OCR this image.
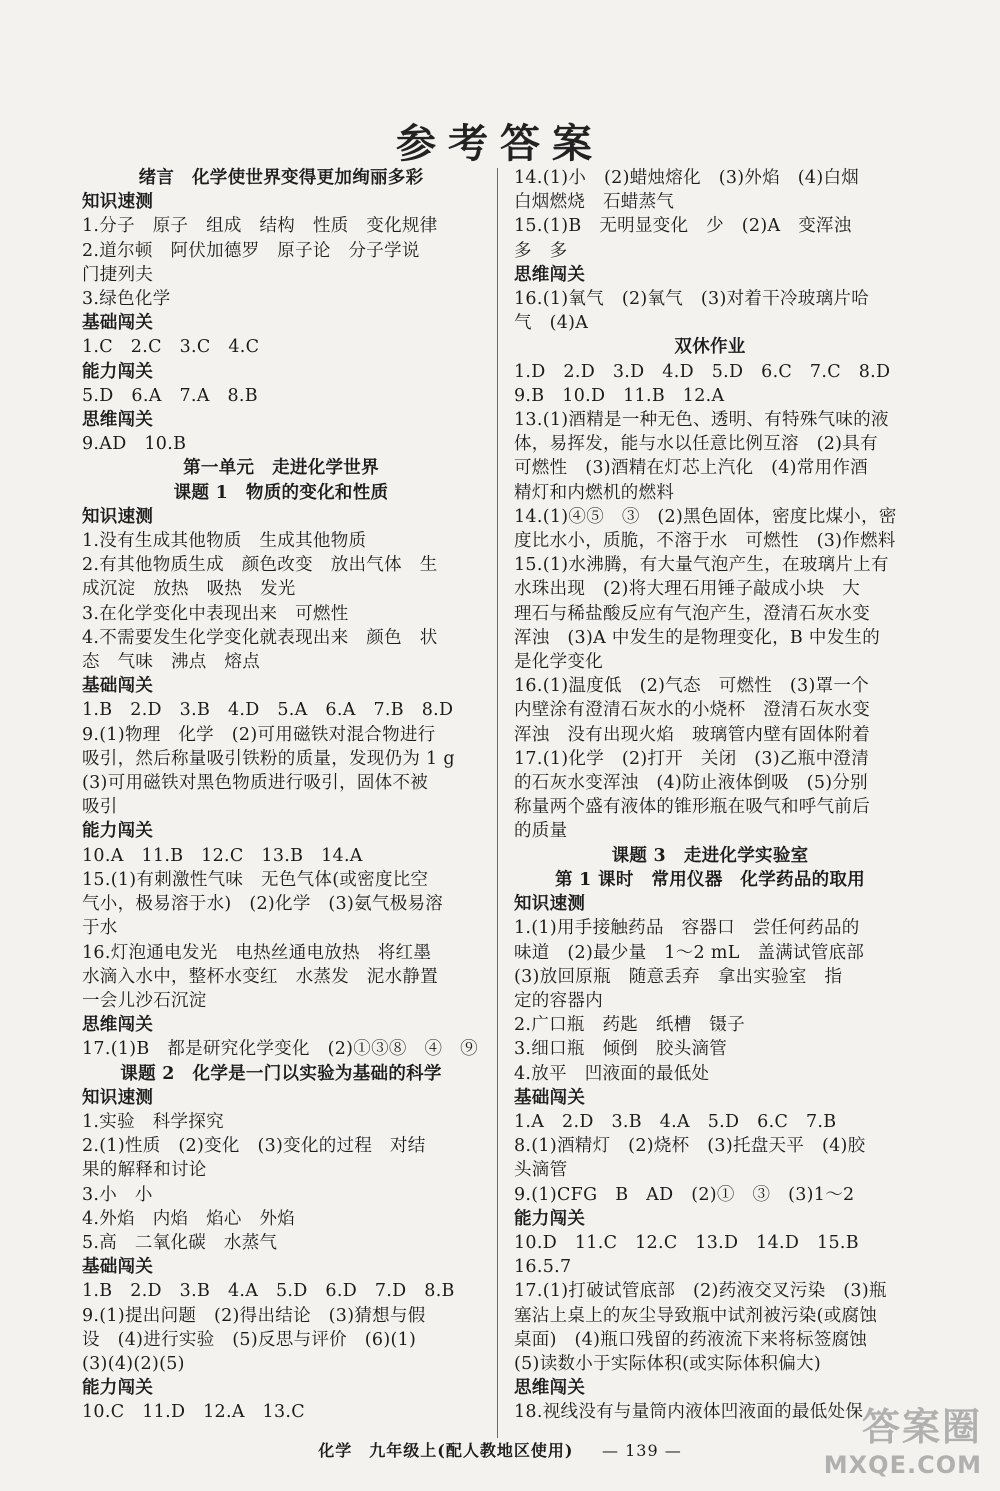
参考答案
绪言　化学使世界变得更加绚丽多彩
知识速测
1.分子　原子　组成　结构　性质　变化规律
2.道尔顿　阿伏加德罗　原子论　分子学说
门捷列夫
3.绿色化学
基础闯关
1.C　2.C　3.C　4.C
能力闯关
5.D　6.A　7.A　8.B
思维闯关
9.AD　10.B
第一单元　走进化学世界
课题 1　物质的变化和性质
知识速测
1.没有生成其他物质　生成其他物质
2.有其他物质生成　颜色改变　放出气体　生
成沉淀　放热　吸热　发光
3.在化学变化中表现出来　可燃性
4.不需要发生化学变化就表现出来　颜色　状
态　气味　沸点　熔点
基础闯关
1.B　2.D　3.B　4.D　5.A　6.A　7.B　8.D
9.(1)物理　化学　(2)可用磁铁对混合物进行
吸引，然后称量吸引铁粉的质量，发现仍为 1 g
(3)可用磁铁对黑色物质进行吸引，固体不被
吸引
能力闯关
10.A　11.B　12.C　13.B　14.A
15.(1)有刺激性气味　无色气体(或密度比空
气小，极易溶于水)　(2)化学　(3)氨气极易溶
于水
16.灯泡通电发光　电热丝通电放热　将红墨
水滴入水中，整杯水变红　水蒸发　泥水静置
一会儿沙石沉淀
思维闯关
17.(1)B　都是研究化学变化　(2)①③⑧　④　⑨
课题 2　化学是一门以实验为基础的科学
知识速测
1.实验　科学探究
2.(1)性质　(2)变化　(3)变化的过程　对结
果的解释和讨论
3.小　小
4.外焰　内焰　焰心　外焰
5.高　二氧化碳　水蒸气
基础闯关
1.B　2.D　3.B　4.A　5.D　6.D　7.D　8.B
9.(1)提出问题　(2)得出结论　(3)猜想与假
设　(4)进行实验　(5)反思与评价　(6)(1)
(3)(4)(2)(5)
能力闯关
10.C　11.D　12.A　13.C
14.(1)小　(2)蜡烛熔化　(3)外焰　(4)白烟
白烟燃烧　石蜡蒸气
15.(1)B　无明显变化　少　(2)A　变浑浊
多　多
思维闯关
16.(1)氧气　(2)氧气　(3)对着干冷玻璃片哈
气　(4)A
双休作业
1.D　2.D　3.D　4.D　5.D　6.C　7.C　8.D
9.B　10.D　11.B　12.A
13.(1)酒精是一种无色、透明、有特殊气味的液
体，易挥发，能与水以任意比例互溶　(2)具有
可燃性　(3)酒精在灯芯上汽化　(4)常用作酒
精灯和内燃机的燃料
14.(1)④⑤　③　(2)黑色固体，密度比煤小，密
度比水小，质脆，不溶于水　可燃性　(3)作燃料
15.(1)水沸腾，有大量气泡产生，在玻璃片上有
水珠出现　(2)将大理石用锤子敲成小块　大
理石与稀盐酸反应有气泡产生，澄清石灰水变
浑浊　(3)A 中发生的是物理变化，B 中发生的
是化学变化
16.(1)温度低　(2)气态　可燃性　(3)罩一个
内壁涂有澄清石灰水的小烧杯　澄清石灰水变
浑浊　没有出现火焰　玻璃管内壁有固体附着
17.(1)化学　(2)打开　关闭　(3)乙瓶中澄清
的石灰水变浑浊　(4)防止液体倒吸　(5)分别
称量两个盛有液体的锥形瓶在吸气和呼气前后
的质量
课题 3　走进化学实验室
第 1 课时　常用仪器　化学药品的取用
知识速测
1.(1)用手接触药品　容器口　尝任何药品的
味道　(2)最少量　1～2 mL　盖满试管底部
(3)放回原瓶　随意丢弃　拿出实验室　指
定的容器内
2.广口瓶　药匙　纸槽　镊子
3.细口瓶　倾倒　胶头滴管
4.放平　凹液面的最低处
基础闯关
1.A　2.D　3.B　4.A　5.D　6.C　7.B
8.(1)酒精灯　(2)烧杯　(3)托盘天平　(4)胶
头滴管
9.(1)CFG　B　AD　(2)①　③　(3)1～2
能力闯关
10.D　11.C　12.C　13.D　14.D　15.B
16.5.7
17.(1)打破试管底部　(2)药液交叉污染　(3)瓶
塞沾上桌上的灰尘导致瓶中试剂被污染(或腐蚀
桌面)　(4)瓶口残留的药液流下来将标签腐蚀
(5)读数小于实际体积(或实际体积偏大)
思维闯关
18.视线没有与量筒内液体凹液面的最低处保
化学　九年级上(配人教地区使用) — 139 —
答案圈
MXQE.COM
